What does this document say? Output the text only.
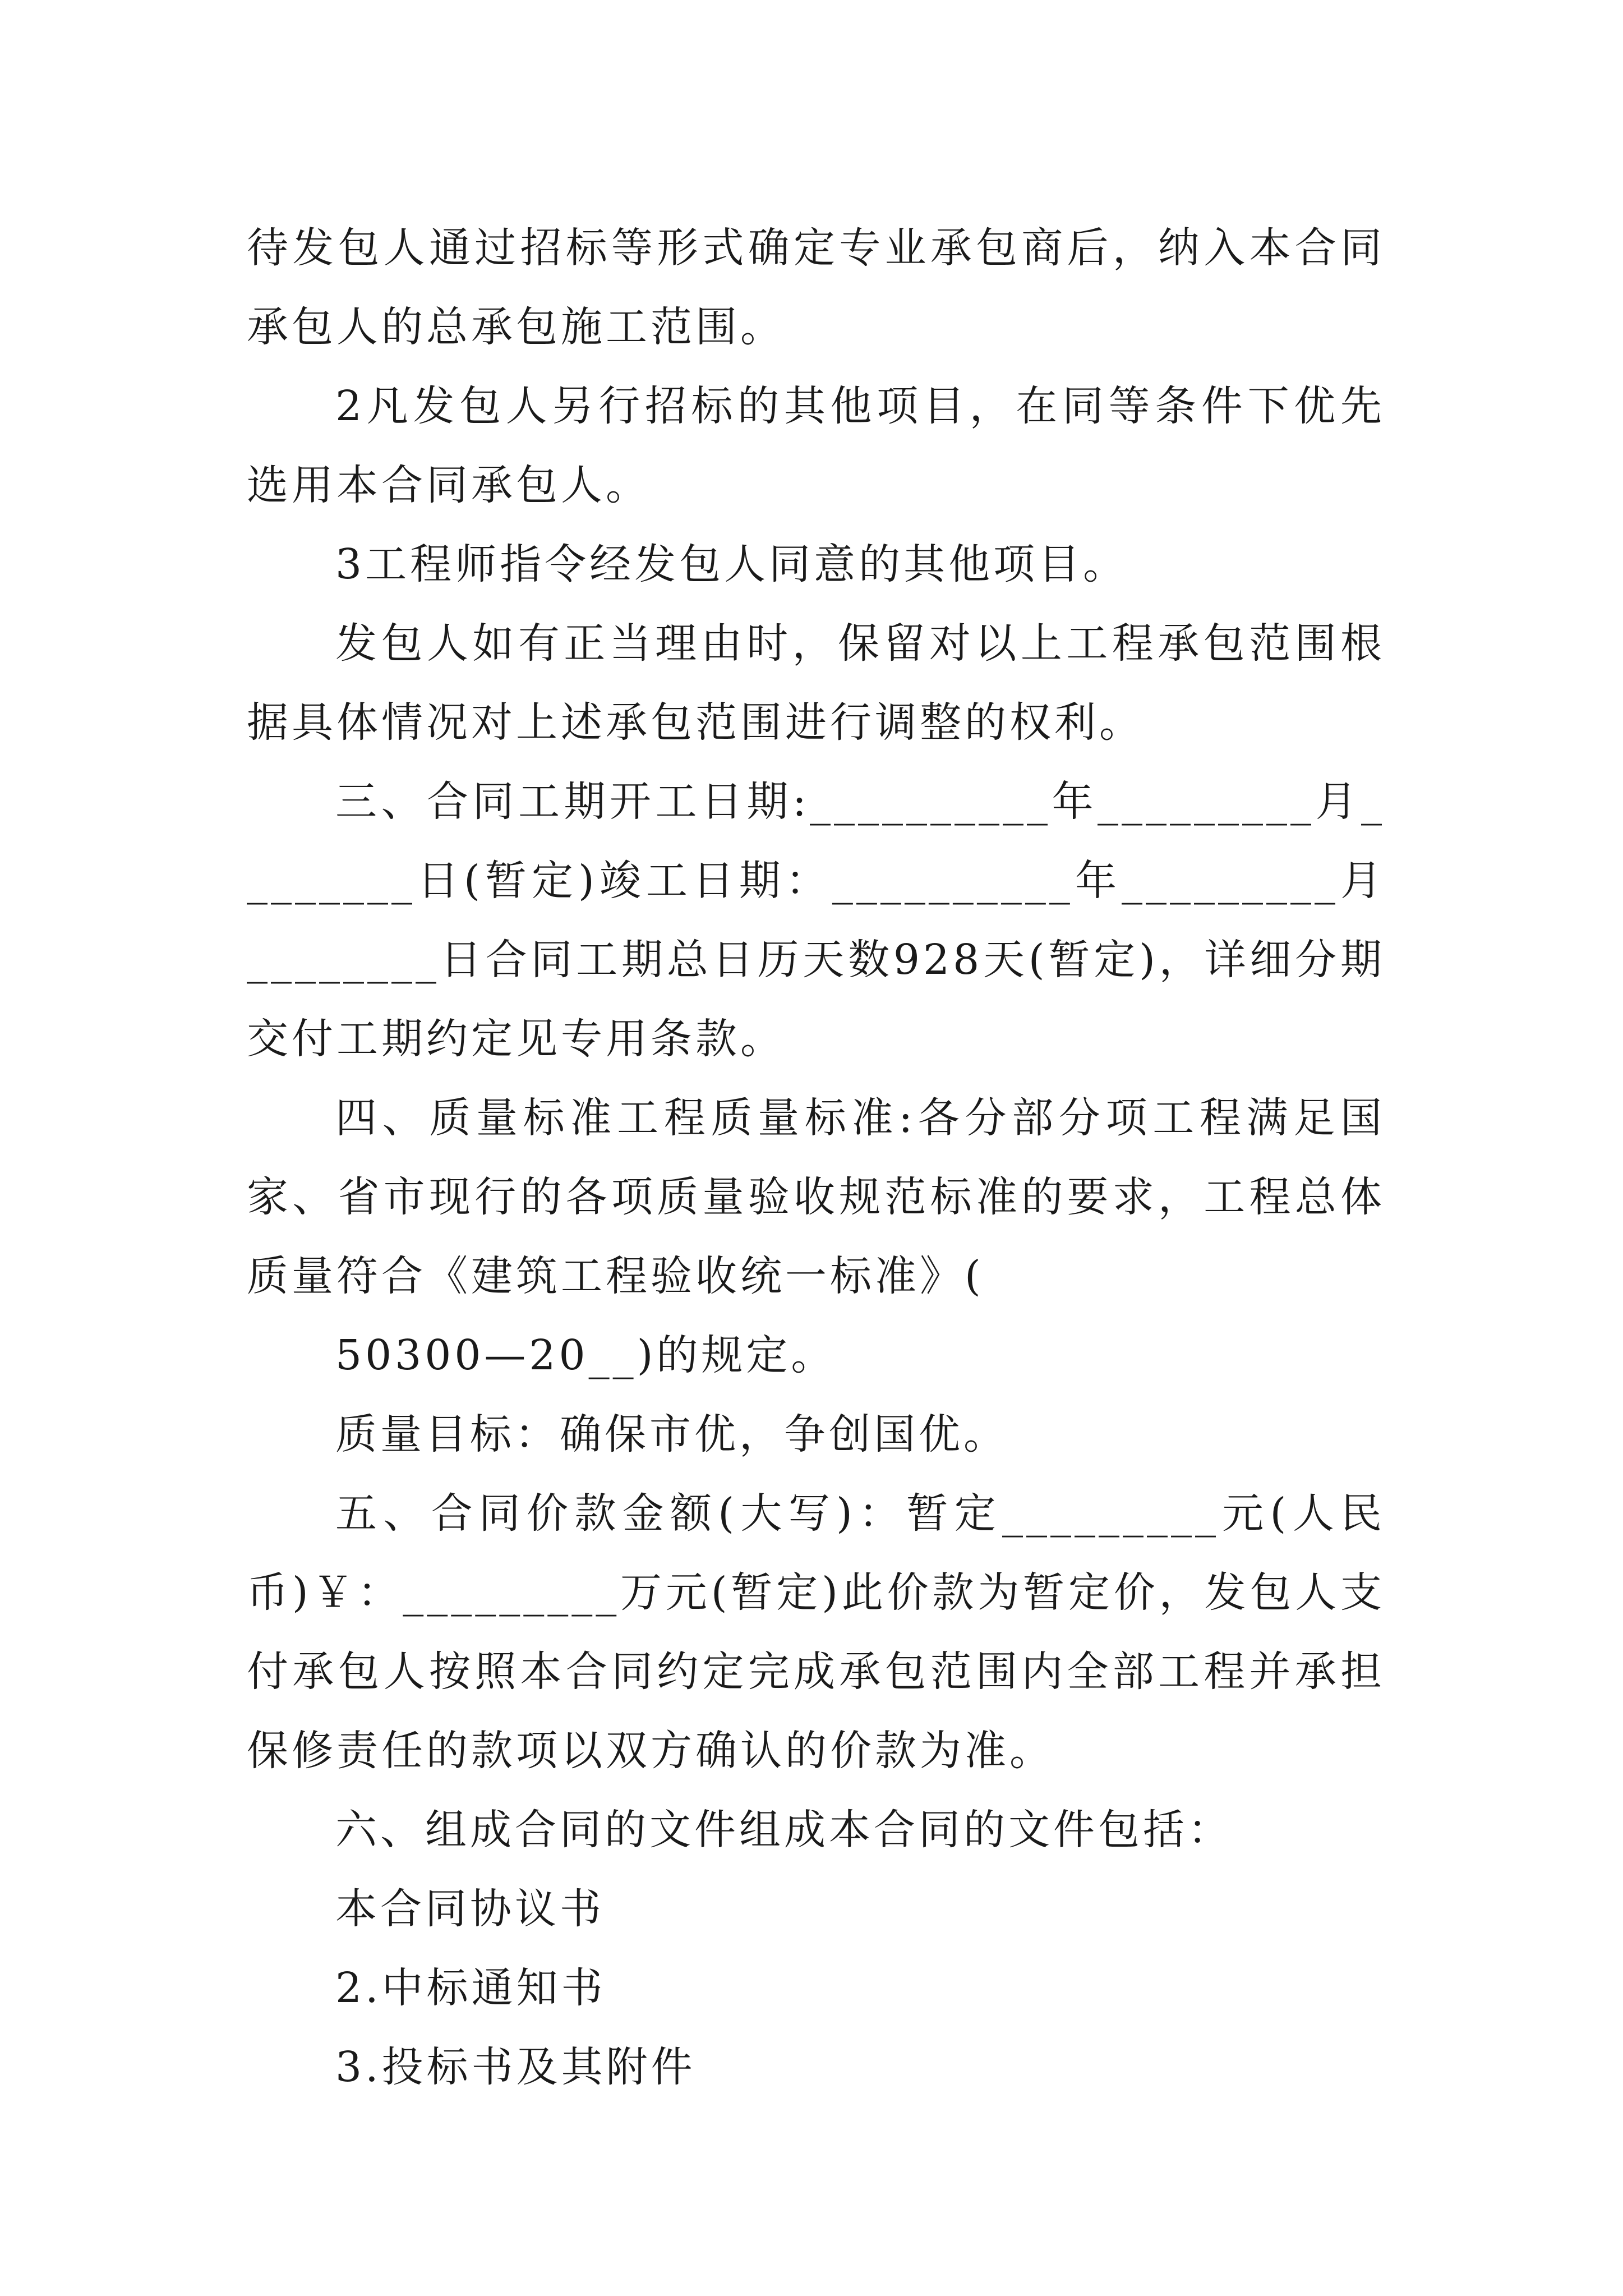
待发包人通过招标等形式确定专业承包商后，纳入本合同承包人的总承包施工范围。

2凡发包人另行招标的其他项目，在同等条件下优先选用本合同承包人。

3工程师指令经发包人同意的其他项目。

发包人如有正当理由时，保留对以上工程承包范围根据具体情况对上述承包范围进行调整的权利。

三、合同工期开工日期:__________年_________月________日(暂定)竣工日期：__________年_________月________日合同工期总日历天数928天(暂定)，详细分期交付工期约定见专用条款。

四、质量标准工程质量标准:各分部分项工程满足国家、省市现行的各项质量验收规范标准的要求，工程总体质量符合《建筑工程验收统一标准》(

50300—20__)的规定。

质量目标：确保市优，争创国优。

五、合同价款金额(大写)：暂定_________元(人民币)￥：_________万元(暂定)此价款为暂定价，发包人支付承包人按照本合同约定完成承包范围内全部工程并承担保修责任的款项以双方确认的价款为准。

六、组成合同的文件组成本合同的文件包括：

本合同协议书

2.中标通知书

3.投标书及其附件
